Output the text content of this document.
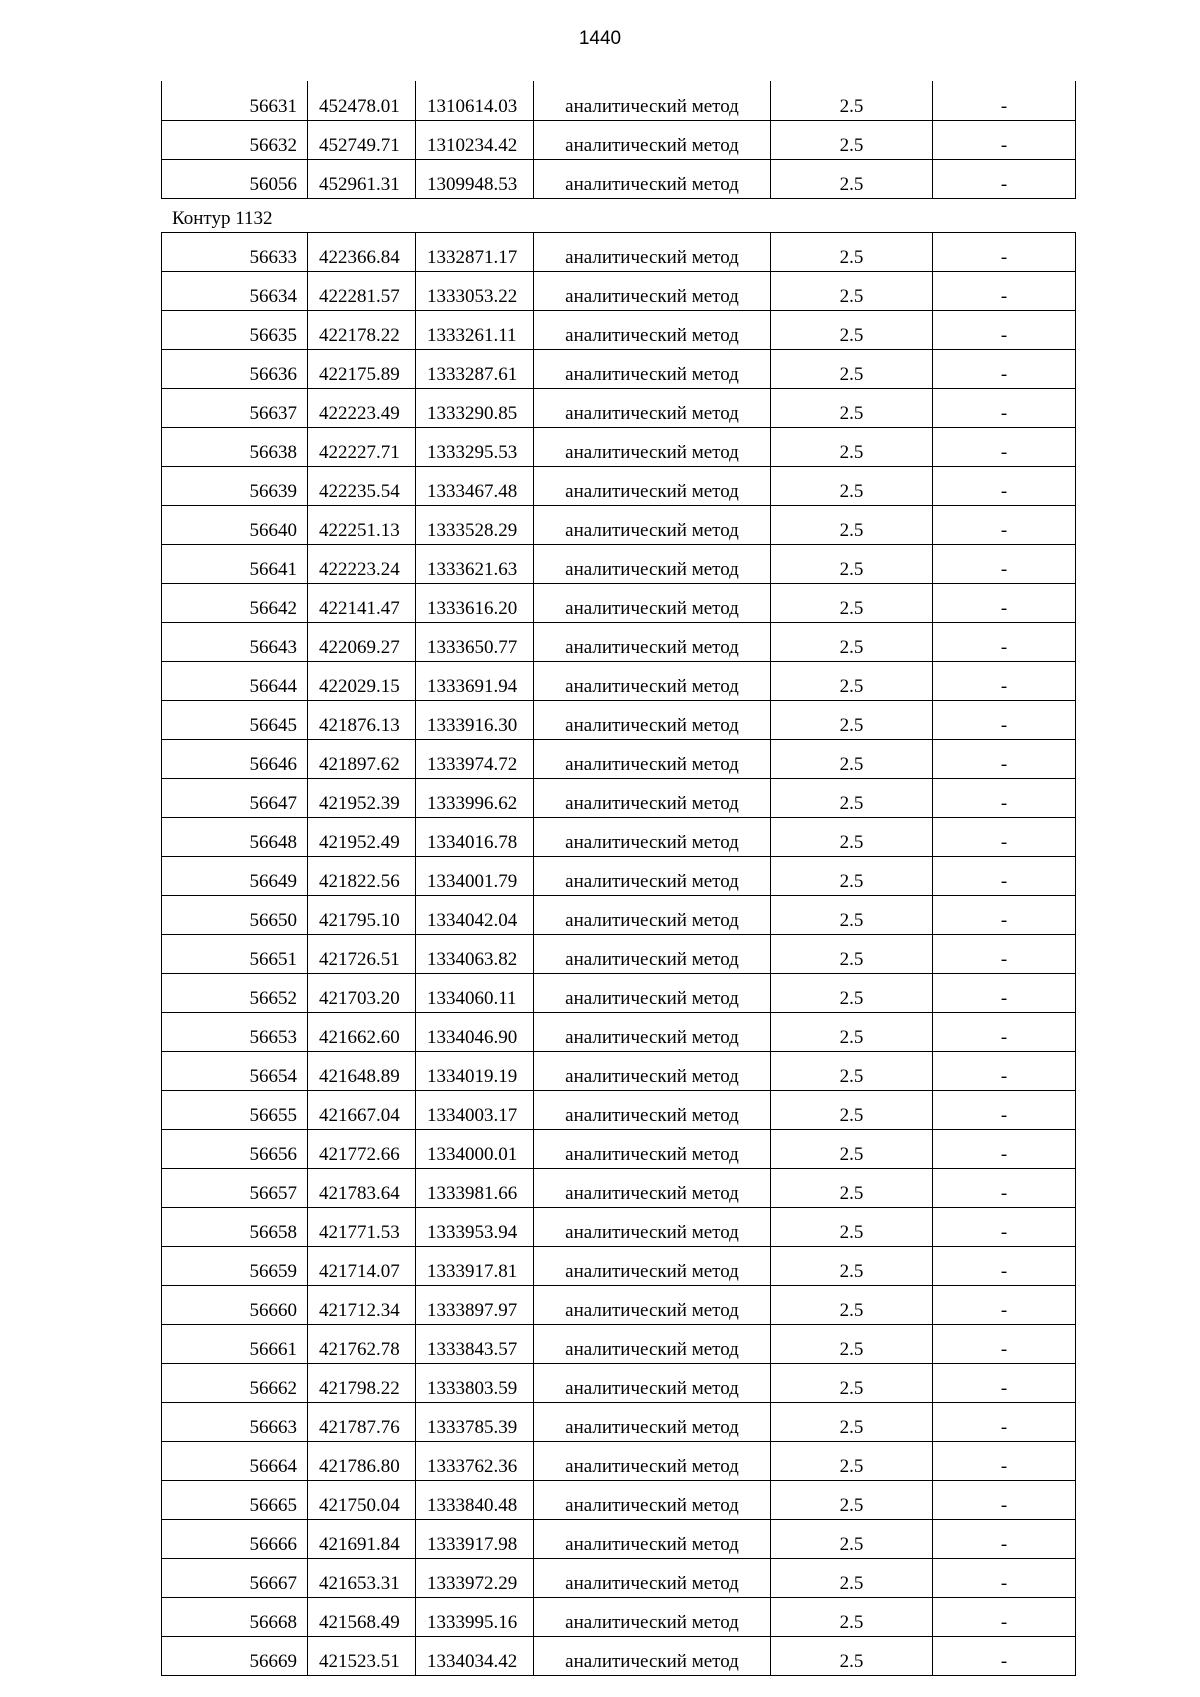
1440
56631	452478.01	1310614.03	аналитический метод	2.5	-
56632	452749.71	1310234.42	аналитический метод	2.5	-
56056	452961.31	1309948.53	аналитический метод	2.5	-
Контур 1132
56633	422366.84	1332871.17	аналитический метод	2.5	-
56634	422281.57	1333053.22	аналитический метод	2.5	-
56635	422178.22	1333261.11	аналитический метод	2.5	-
56636	422175.89	1333287.61	аналитический метод	2.5	-
56637	422223.49	1333290.85	аналитический метод	2.5	-
56638	422227.71	1333295.53	аналитический метод	2.5	-
56639	422235.54	1333467.48	аналитический метод	2.5	-
56640	422251.13	1333528.29	аналитический метод	2.5	-
56641	422223.24	1333621.63	аналитический метод	2.5	-
56642	422141.47	1333616.20	аналитический метод	2.5	-
56643	422069.27	1333650.77	аналитический метод	2.5	-
56644	422029.15	1333691.94	аналитический метод	2.5	-
56645	421876.13	1333916.30	аналитический метод	2.5	-
56646	421897.62	1333974.72	аналитический метод	2.5	-
56647	421952.39	1333996.62	аналитический метод	2.5	-
56648	421952.49	1334016.78	аналитический метод	2.5	-
56649	421822.56	1334001.79	аналитический метод	2.5	-
56650	421795.10	1334042.04	аналитический метод	2.5	-
56651	421726.51	1334063.82	аналитический метод	2.5	-
56652	421703.20	1334060.11	аналитический метод	2.5	-
56653	421662.60	1334046.90	аналитический метод	2.5	-
56654	421648.89	1334019.19	аналитический метод	2.5	-
56655	421667.04	1334003.17	аналитический метод	2.5	-
56656	421772.66	1334000.01	аналитический метод	2.5	-
56657	421783.64	1333981.66	аналитический метод	2.5	-
56658	421771.53	1333953.94	аналитический метод	2.5	-
56659	421714.07	1333917.81	аналитический метод	2.5	-
56660	421712.34	1333897.97	аналитический метод	2.5	-
56661	421762.78	1333843.57	аналитический метод	2.5	-
56662	421798.22	1333803.59	аналитический метод	2.5	-
56663	421787.76	1333785.39	аналитический метод	2.5	-
56664	421786.80	1333762.36	аналитический метод	2.5	-
56665	421750.04	1333840.48	аналитический метод	2.5	-
56666	421691.84	1333917.98	аналитический метод	2.5	-
56667	421653.31	1333972.29	аналитический метод	2.5	-
56668	421568.49	1333995.16	аналитический метод	2.5	-
56669	421523.51	1334034.42	аналитический метод	2.5	-
